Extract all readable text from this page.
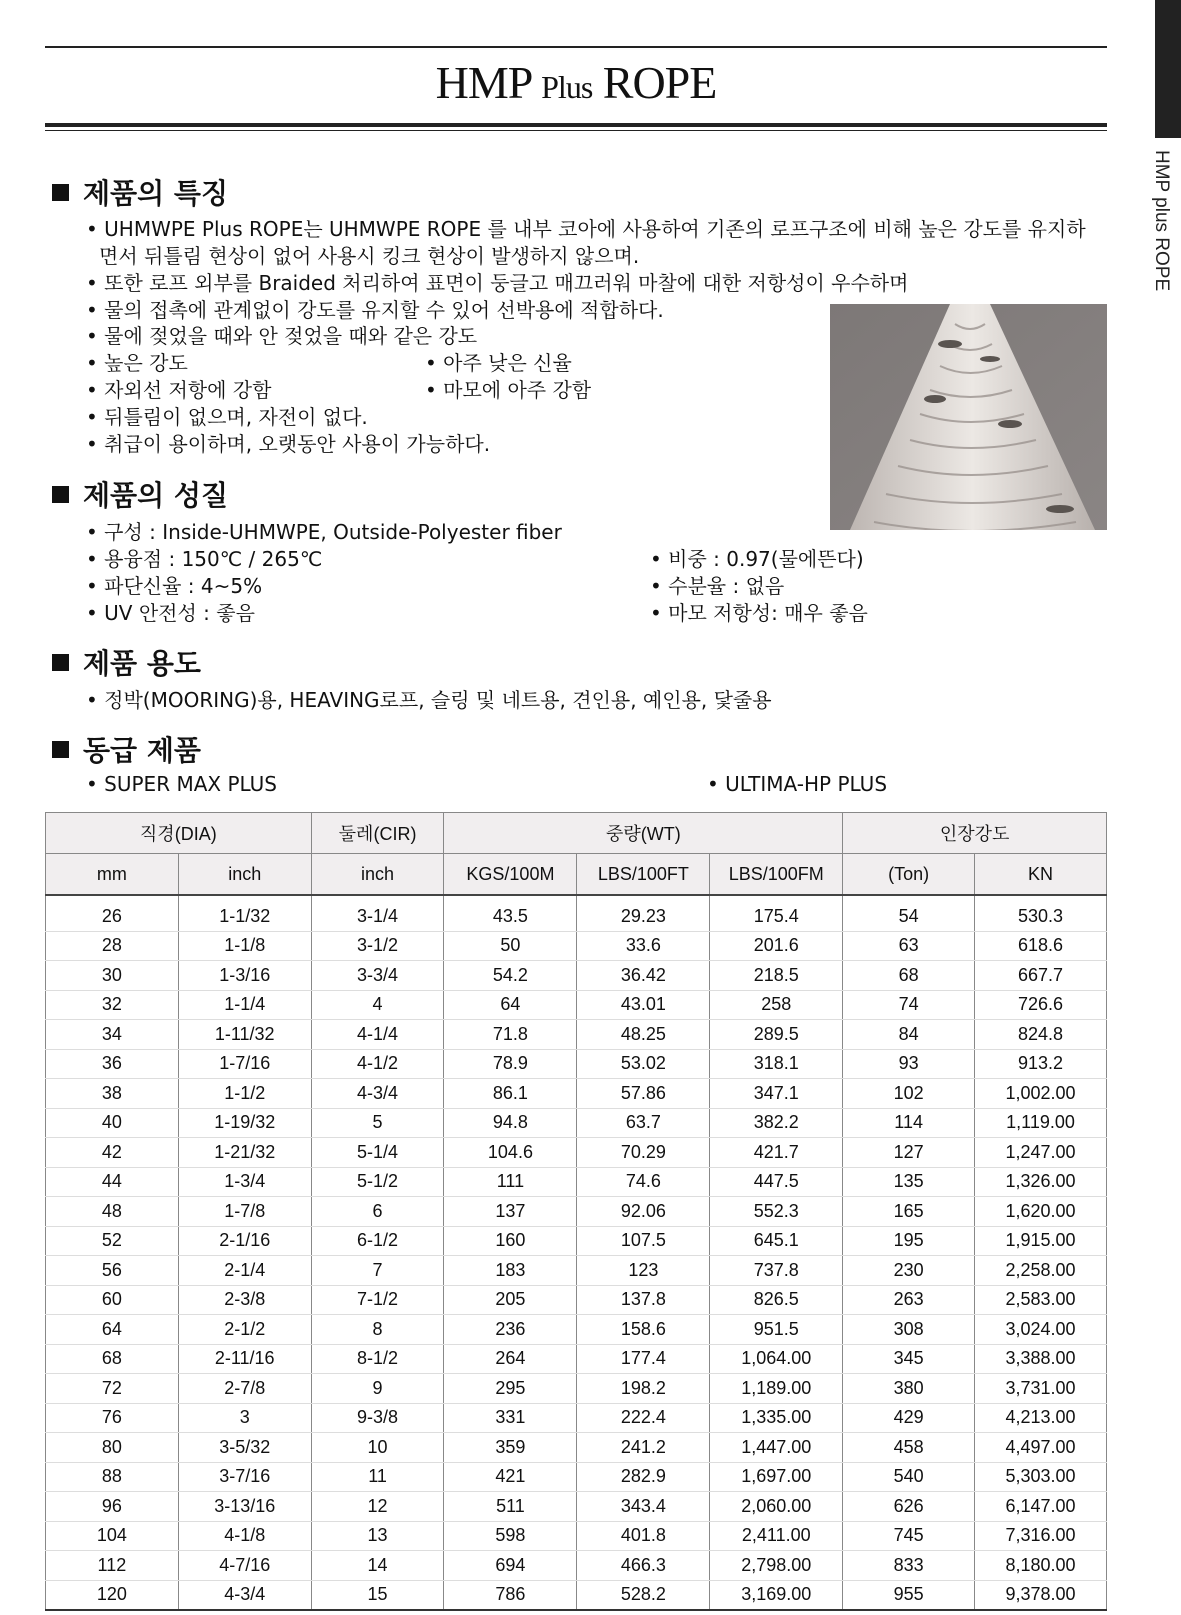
HMP Plus ROPE
HMP plus ROPE
제품의 특징
• UHMWPE Plus ROPE는 UHMWPE ROPE 를 내부 코아에 사용하여 기존의 로프구조에 비해 높은 강도를 유지하
면서 뒤틀림 현상이 없어 사용시 킹크 현상이 발생하지 않으며.
• 또한 로프 외부를 Braided 처리하여 표면이 둥글고 매끄러워 마찰에 대한 저항성이 우수하며
• 물의 접촉에 관계없이 강도를 유지할 수 있어 선박용에 적합하다.
• 물에 젖었을 때와 안 젖었을 때와 같은 강도
• 높은 강도	• 아주 낮은 신율
• 자외선 저항에 강함	• 마모에 아주 강함
• 뒤틀림이 없으며, 자전이 없다.
• 취급이 용이하며, 오랫동안 사용이 가능하다.
제품의 성질
• 구성 : Inside-UHMWPE, Outside-Polyester fiber
• 용융점 : 150℃ / 265℃	• 비중 : 0.97(물에뜬다)
• 파단신율 : 4~5%	• 수분율 : 없음
• UV 안전성 : 좋음	• 마모 저항성: 매우 좋음
제품 용도
• 정박(MOORING)용, HEAVING로프, 슬링 및 네트용, 견인용, 예인용, 닻줄용
동급 제품
• SUPER MAX PLUS	• ULTIMA-HP PLUS
직경(DIA)		둘레(CIR)	중량(WT)			인장강도	
mm	inch	inch	KGS/100M	LBS/100FT	LBS/100FM	(Ton)	KN
26	1-1/32	3-1/4	43.5	29.23	175.4	54	530.3
28	1-1/8	3-1/2	50	33.6	201.6	63	618.6
30	1-3/16	3-3/4	54.2	36.42	218.5	68	667.7
32	1-1/4	4	64	43.01	258	74	726.6
34	1-11/32	4-1/4	71.8	48.25	289.5	84	824.8
36	1-7/16	4-1/2	78.9	53.02	318.1	93	913.2
38	1-1/2	4-3/4	86.1	57.86	347.1	102	1,002.00
40	1-19/32	5	94.8	63.7	382.2	114	1,119.00
42	1-21/32	5-1/4	104.6	70.29	421.7	127	1,247.00
44	1-3/4	5-1/2	111	74.6	447.5	135	1,326.00
48	1-7/8	6	137	92.06	552.3	165	1,620.00
52	2-1/16	6-1/2	160	107.5	645.1	195	1,915.00
56	2-1/4	7	183	123	737.8	230	2,258.00
60	2-3/8	7-1/2	205	137.8	826.5	263	2,583.00
64	2-1/2	8	236	158.6	951.5	308	3,024.00
68	2-11/16	8-1/2	264	177.4	1,064.00	345	3,388.00
72	2-7/8	9	295	198.2	1,189.00	380	3,731.00
76	3	9-3/8	331	222.4	1,335.00	429	4,213.00
80	3-5/32	10	359	241.2	1,447.00	458	4,497.00
88	3-7/16	11	421	282.9	1,697.00	540	5,303.00
96	3-13/16	12	511	343.4	2,060.00	626	6,147.00
104	4-1/8	13	598	401.8	2,411.00	745	7,316.00
112	4-7/16	14	694	466.3	2,798.00	833	8,180.00
120	4-3/4	15	786	528.2	3,169.00	955	9,378.00
